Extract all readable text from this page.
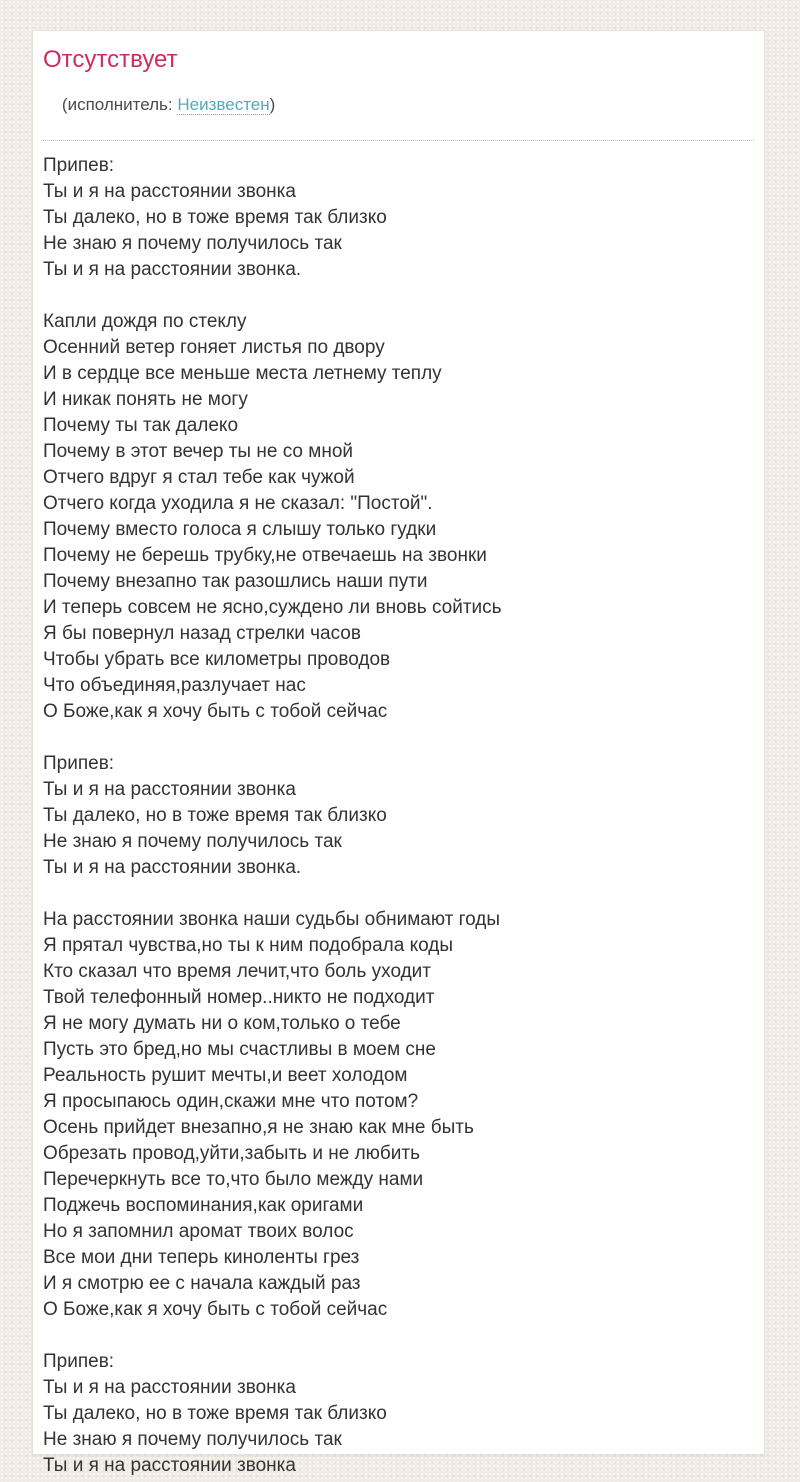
Отсутствует

(исполнитель: Неизвестен)

Припев:
Ты и я на расстоянии звонка
Ты далеко, но в тоже время так близко
Не знаю я почему получилось так
Ты и я на расстоянии звонка.
Капли дождя по стеклу
Осенний ветер гоняет листья по двору
И в сердце все меньше места летнему теплу
И никак понять не могу
Почему ты так далеко
Почему в этот вечер ты не со мной
Отчего вдруг я стал тебе как чужой
Отчего когда уходила я не сказал: "Постой".
Почему вместо голоса я слышу только гудки
Почему не берешь трубку,не отвечаешь на звонки
Почему внезапно так разошлись наши пути
И теперь совсем не ясно,суждено ли вновь сойтись
Я бы повернул назад стрелки часов
Чтобы убрать все километры проводов
Что объединяя,разлучает нас
О Боже,как я хочу быть с тобой сейчас
Припев:
Ты и я на расстоянии звонка
Ты далеко, но в тоже время так близко
Не знаю я почему получилось так
Ты и я на расстоянии звонка.
На расстоянии звонка наши судьбы обнимают годы
Я прятал чувства,но ты к ним подобрала коды
Кто сказал что время лечит,что боль уходит
Твой телефонный номер..никто не подходит
Я не могу думать ни о ком,только о тебе
Пусть это бред,но мы счастливы в моем сне
Реальность рушит мечты,и веет холодом
Я просыпаюсь один,скажи мне что потом?
Осень прийдет внезапно,я не знаю как мне быть
Обрезать провод,уйти,забыть и не любить
Перечеркнуть все то,что было между нами
Поджечь воспоминания,как оригами
Но я запомнил аромат твоих волос
Все мои дни теперь киноленты грез
И я смотрю ее с начала каждый раз
О Боже,как я хочу быть с тобой сейчас
Припев:
Ты и я на расстоянии звонка
Ты далеко, но в тоже время так близко
Не знаю я почему получилось так
Ты и я на расстоянии звонка
